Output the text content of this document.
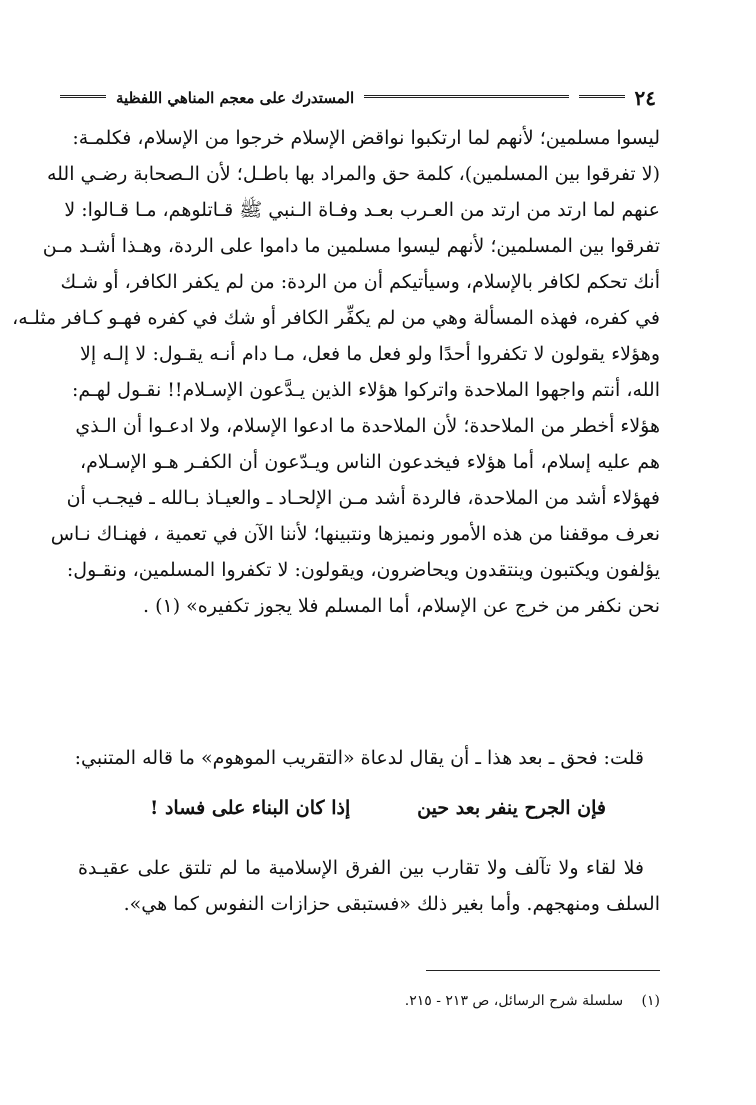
٢٤
المستدرك على معجم المناهي اللفظية
ليسوا مسلمين؛ لأنهم لما ارتكبوا نواقض الإسلام خرجوا من الإسلام، فكلمـة:
(لا تفرقوا بين المسلمين)، كلمة حق والمراد بها باطـل؛ لأن الـصحابة رضـي الله
عنهم لما ارتد من ارتد من العـرب بعـد وفـاة الـنبي ﷺ قـاتلوهم، مـا قـالوا: لا
تفرقوا بين المسلمين؛ لأنهم ليسوا مسلمين ما داموا على الردة، وهـذا أشـد مـن
أنك تحكم لكافر بالإسلام، وسيأتيكم أن من الردة: من لم يكفر الكافر، أو شـك
في كفره، فهذه المسألة وهي من لم يكفِّر الكافر أو شك في كفره فهـو كـافر مثلـه،
وهؤلاء يقولون لا تكفروا أحدًا ولو فعل ما فعل، مـا دام أنـه يقـول: لا إلـه إلا
الله، أنتم واجهوا الملاحدة واتركوا هؤلاء الذين يـدَّعون الإسـلام!! نقـول لهـم:
هؤلاء أخطر من الملاحدة؛ لأن الملاحدة ما ادعوا الإسلام، ولا ادعـوا أن الـذي
هم عليه إسلام، أما هؤلاء فيخدعون الناس ويـدّعون أن الكفـر هـو الإسـلام،
فهؤلاء أشد من الملاحدة، فالردة أشد مـن الإلحـاد ـ والعيـاذ بـالله ـ فيجـب أن
نعرف موقفنا من هذه الأمور ونميزها ونتبينها؛ لأننا الآن في تعمية ، فهنـاك نـاس
يؤلفون ويكتبون وينتقدون ويحاضرون، ويقولون: لا تكفروا المسلمين، ونقـول:
نحن نكفر من خرج عن الإسلام، أما المسلم فلا يجوز تكفيره» (١) .
قلت: فحق ـ بعد هذا ـ أن يقال لدعاة «التقريب الموهوم» ما قاله المتنبي:
فإن الجرح ينفر بعد حين
إذا كان البناء على فساد !
فلا لقاء ولا تآلف ولا تقارب بين الفرق الإسلامية ما لم تلتق على عقيـدة
السلف ومنهجهم. وأما بغير ذلك «فستبقى حزازات النفوس كما هي».
(١) سلسلة شرح الرسائل، ص ٢١٣ - ٢١٥.
